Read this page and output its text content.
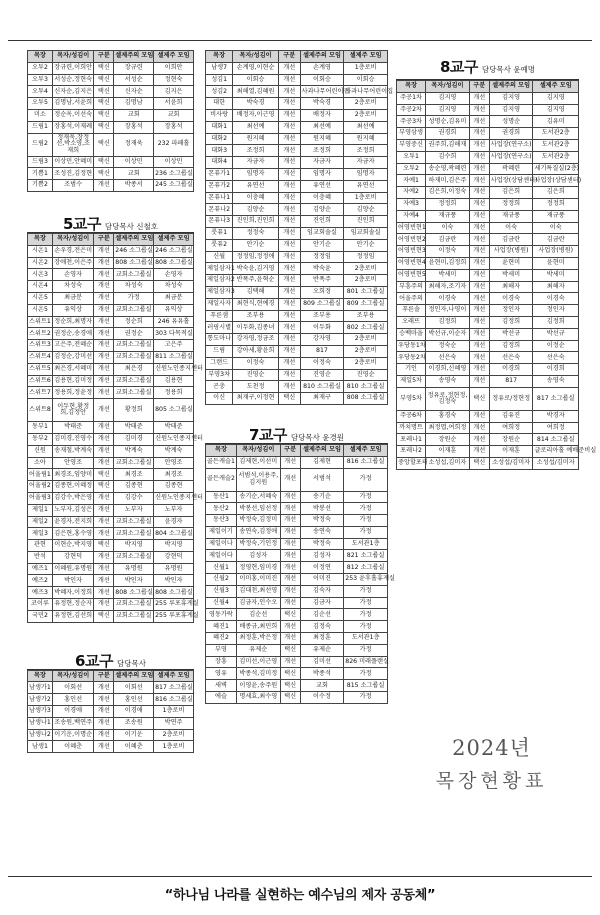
목장	목자/성김이	구분	셀제주의 모임	셀제주 모임
오투2	장규련,이희안	택신	장규련	이희안
오투3	서성순,정현숙	택신	서성순	정현숙
오투4	신자순,김지은	택신	신자순	김지은
오투5	김명남,서윤희	택신	김명남	서윤희
미소	정순옥,이선숙	택신	교회	교회
드림1	장홍석,이재례	택신	장홍석	장홍석
드림2	정재욱,장정선,박소영,조재희	택신	정재욱	232 파페홀
드림3	이상민,안혜미	택신	이상민	이상민
기쁨1	조성진,김정현	택신	교회	236 소그룹실
기쁨2	조범수	개선	박종서	245 소그룹실
5교구 담당목사 신철호
목장	목자/성김이	구분	셀제주의 모임	셀제주 모임
시온1	손우경,전은미	개선	246 소그룹실	246 소그룹실
시온2	장애천,이은주	개선	808 소그룹실	808 소그룹실
시온3	손영자	개선	교회소그룹실	손영자
시온4	차성숙	개선	차성숙	차성숙
시온5	최금분	개선	가정	최금분
시온5	유익상	개선	교회소그룹실	유익상
스위트1	정순희,최명자	개선	정순희	246 유유홀
스위트2	권정순,송경애	개선	권정순	303 다목적실
스위트3	고은주,전혜순	개선	교회소그룹실	고은주
스위트4	김정순,강미선	개선	교회소그룹실	811 소그룹실
스위트5	최은경,서혜미	개선	최은경	신원노인종지센터
스위트6	김용현,김미정	개선	교회소그룹실	김용현
스위트7	정용희,정윤정	개선	교회소그룹실	정용희
스위트8	이두현,황정희,김정안	개선	황정희	805 소그룹실
동부1	박태준	개선	박태준	박태준
동부2	김미경,진영수	개선	김미경	신원노인종지센터
신원	송재철,박계숙	개선	박계숙	박계숙
소아	안영조	개선	교회소그룹실	안영조
어울림1	최경조,임양미	택신	최경조	최경조
어울림2	김종현,이혜정	택신	김종현	김종현
어울림3	김강수,박은영	개선	김강수	신원노인종지센터
제일1	노부자,김성은	개선	노부자	노부자
제일2	윤경자,전지희	개선	교회소그룹실	윤경자
제일3	김은현,홍수영	개선	교회소그룹실	804 소그룹실
관현	이현순,박지영	택신	박지영	박지영
반석	강현덕	개선	교회소그룹실	강현덕
예즈1	이혜원,유명원	개선	유명원	유명원
예즈2	박인자	개선	박인자	박인자
예즈3	박혜자,이정희	개선	808 소그룹실	808 소그룹실
코이루	유정현,정순자	개선	교회소그룹실	255 루포휴게실
국민2	유정현,김선희	택신	교회소그룹실	255 루포휴게실
6교구 담당목사
목장	목자/성김이	구분	셀제주의 모임	셀제주 모임
남생가1	이회선	개선	이회선	817 소그룹실
남생가2	홍인선	개선	홍인선	816 소그룹실
남생가3	이경애	개선	이경애	1층로비
남생나1	조송원,백연주	개선	조송원	박연주
남생나2	이기운,이명순	개선	이기운	2층로비
남생1	이혜춘	개선	이혜춘	1층로비
목장	목자/성김이	구분	셀제주의 모임	셀제주 모임
남생7	손계영,이현순	개선	손계영	1층로비
성김1	이회승	개선	이회승	이회승
성김2	최해열,김혜원	개선	사과나무어린이집	사과나무어린이집
대한	박숙경	개선	박숙경	2층로비
비사랑	배정자,이근영	개선	배정자	2층로비
대화1	최선예	개선	최선예	최선예
대화2	원지혜	개선	원지혜	원지혜
대화3	조정희	개선	조정희	조정희
대화4	자금자	개선	자금자	자금자
몬퓨가1	임명자	개선	임명자	임명자
몬퓨가2	유연선	개선	유연선	유연선
몬퓨나1	이충혜	개선	이충혜	1층로비
몬퓨나2	김양순	개선	김양순	김양순
몬퓨나3	진인희,진인희	개선	진인희	진인희
룻퓨1	정정숙	개선	임교회솔실	임교회솔실
룻퓨2	안기순	개선	안기순	안기순
신월	정정임,정정애	개선	정정임	정정임
제일삼자1	박숙윤,김거영	개선	박숙윤	2층로비
제일삼자2	반폭주,윤혁순	개선	반폭주	2층로비
제일삼자3	김택해	개선	오희정	801 소그룹실
제일사자	최현식,현예경	개선	809 소그룹실	809 소그룹실
푸른샘	조부용	개선	조부용	조부용
러핑시별	이두화,김종녀	개선	이두화	802 소그룹실
통도마나	강자영,정금조	개선	강자영	2층로비
드림	강아세,황윤희	개선	817	2층로비
그랜드	이정숙	개선	이정숙	2층로비
부영3차	진영순	개선	진영순	진영순
곤충	도천정	개선	810 소그룹실	810 소그룹실
이신	최재구,이정현	택신	최재구	808 소그룹실
7교구 담당목사 윤경원
목장	목자/성김이	구분	셀제주의 모임	셀제주 모임
골든캐슬1	김제현,이선미	개선	김제현	816 소그룹실
골든캐슬2	서범석,이용주,김지원	개선	서범석	가정
동산1	송기순,서혜숙	개선	송기순	가정
동산2	박봉선,임선정	개선	박봉선	가정
동산3	박정숙,김정미	개선	박정숙	가정
제일이기	송연숙,김정애	개선	송연숙	가정
제일이나	박정숙,기인정	개선	박정숙	도서관1층
제일이다	김성자	개선	김성자	821 소그룹실
신월1	정영현,임미경	개선	이정연	812 소그룹실
신월2	이미홍,이미진	개선	이미진	253 윤후홀휴게실
신월3	김대천,최선영	개선	김숙자	가정
신월4	김금자,인수오	개선	김금자	가정
영동가락	김순선	택신	김순선	가정
혜진1	배종규,최민희	개선	김정숙	가정
혜진2	최정훈,박은정	개선	최정훈	도서관1층
부영	유제순	택신	유제순	가정
장흥	김미선,이근영	개선	김미선	826 미래플랜실
영유	박종석,김미정	택신	박종석	가정
새벽	이영윤,송주원	택신	교회	815 소그룹실
에슬	명세효,최수영	택신	이수정	가정
8교구 담당목사 윤예명
목장	목자/성김이	구분	셀제주의 모임	셀제주 모임
주공1차	김지영	개선	김지영	김지영
주공2차	김지영	개선	김지영	김지영
주공3차	성명순,김유미	개선	성명순	김유미
부영삼생	권경희	개선	권경희	도서관2층
부영중신	권주희,김해재	개선	사업장(연구소)	도서관2층
오투1	김수희	개선	사업장(연구소)	도서관2층
오투2	송순영,곽혜련	개선	곽혜련	세기특질실(2층)
자예1	하재미,김은주	개선	사업장(상담센터)	사업장(상담센터)
자예2	김은희,이정숙	개선	김은희	김은희
자예3	정정희	개선	정정희	정정희
자예4	재규풍	개선	재규풍	재규풍
어영빈현1	이숙	개선	이숙	이숙
어영빈현2	김금란	개선	김금란	김금란
어영빈현3	이정숙	개선	사업장(병원)	사업장(병원)
어영빈현4	윤현미,김정희	개선	윤현미	윤현미
어영빈현5	박세미	개선	박세미	박세미
부흥주의	최해자,조기자	개선	최해자	최해자
어울주의	이경숙	개선	이경숙	이경숙
푸른솔	정인자,나영이	개선	정인자	정인자
오래뜨	김정희	개선	김정희	김정희
승백마을	박선규,이순자	개선	박선규	박선규
우당동1차	정숙순	개선	김정희	이정순
우당동2차	선은숙	개선	선은숙	선은숙
기인	이경희,신혜영	개선	이경희	이경희
제일5차	송영숙	개선	817	송영숙
부영5차	정유로,정현정,김정숙	택신	정유로/정현정	817 소그룹실
주공6차	홍경숙	개선	김유진	박경자
까치명트	최정엽,여희정	개선	여희정	여희정
포레나1	장원순	개선	장원순	814 소그룹실
포레나2	이재훈	개선	이재훈	글로리아홀 예배준비실
중앙할포터	소성섭,김미자	택신	소성섭/김미자	소성섭/김미자
2024년
목장현황표
“하나님 나라를 실현하는 예수님의 제자 공동체”
